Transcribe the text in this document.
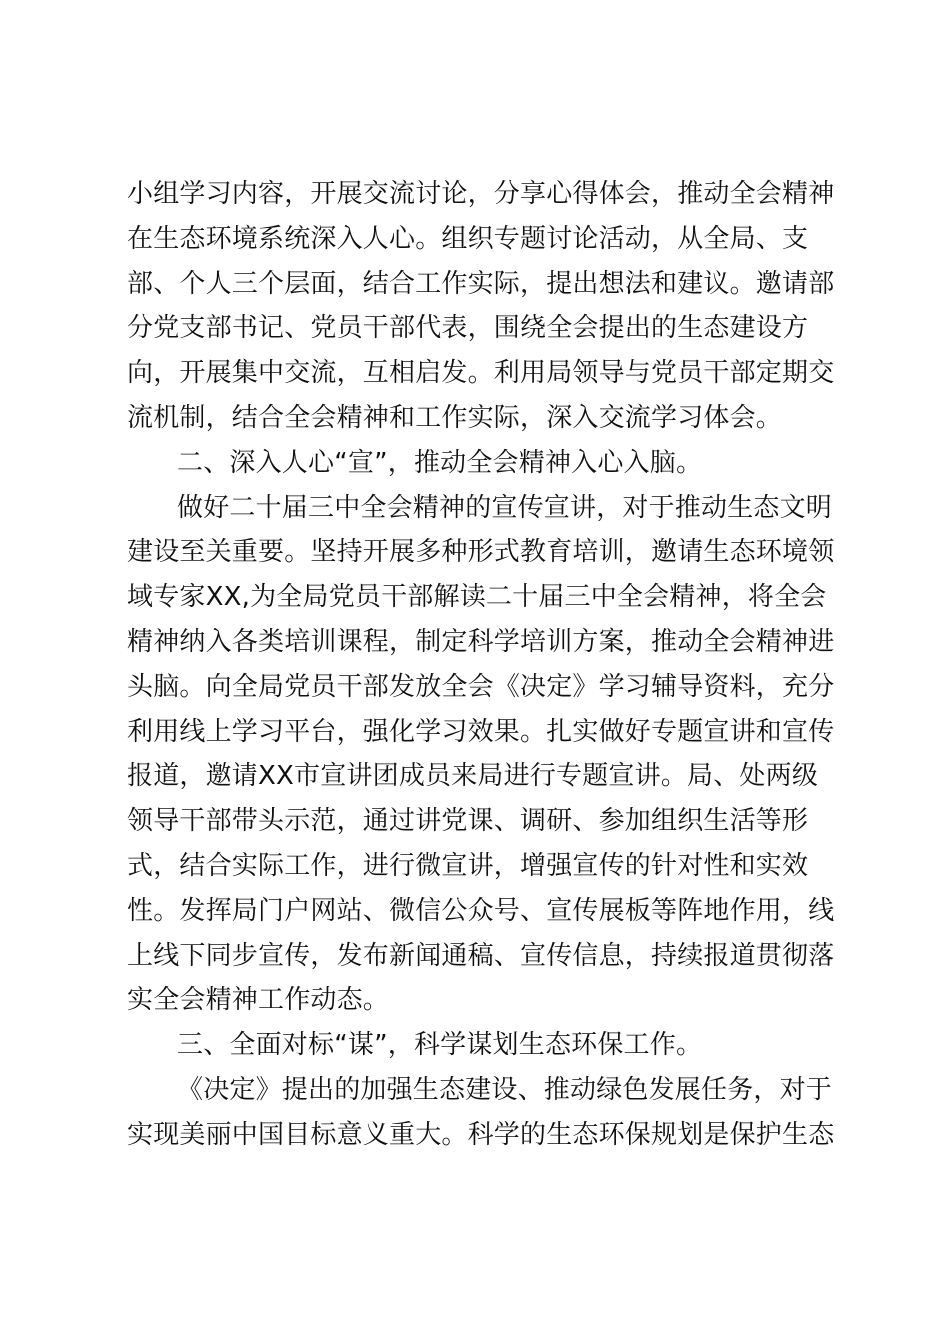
小组学习内容，开展交流讨论，分享心得体会，推动全会精神
在生态环境系统深入人心。组织专题讨论活动，从全局、支
部、个人三个层面，结合工作实际，提出想法和建议。邀请部
分党支部书记、党员干部代表，围绕全会提出的生态建设方
向，开展集中交流，互相启发。利用局领导与党员干部定期交
流机制，结合全会精神和工作实际，深入交流学习体会。
二、深入人心“宣”，推动全会精神入心入脑。
做好二十届三中全会精神的宣传宣讲，对于推动生态文明
建设至关重要。坚持开展多种形式教育培训，邀请生态环境领
域专家XX,为全局党员干部解读二十届三中全会精神，将全会
精神纳入各类培训课程，制定科学培训方案，推动全会精神进
头脑。向全局党员干部发放全会《决定》学习辅导资料，充分
利用线上学习平台，强化学习效果。扎实做好专题宣讲和宣传
报道，邀请XX市宣讲团成员来局进行专题宣讲。局、处两级
领导干部带头示范，通过讲党课、调研、参加组织生活等形
式，结合实际工作，进行微宣讲，增强宣传的针对性和实效
性。发挥局门户网站、微信公众号、宣传展板等阵地作用，线
上线下同步宣传，发布新闻通稿、宣传信息，持续报道贯彻落
实全会精神工作动态。
三、全面对标“谋”，科学谋划生态环保工作。
《决定》提出的加强生态建设、推动绿色发展任务，对于
实现美丽中国目标意义重大。科学的生态环保规划是保护生态
